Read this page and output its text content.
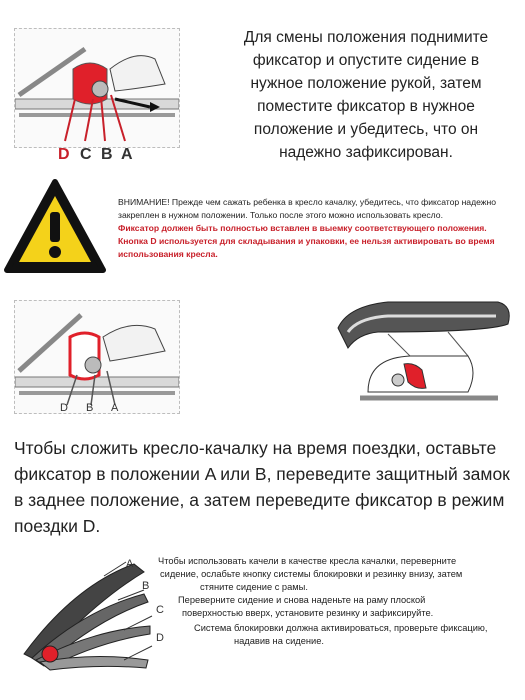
D C B A
Для смены положения поднимите фиксатор и опустите сидение в нужное положение рукой, затем поместите фиксатор в нужное положение и убедитесь, что он надежно зафиксирован.
ВНИМАНИЕ! Прежде чем сажать ребенка в кресло качалку, убедитесь, что фиксатор надежно закреплен в нужном положении. Только после этого можно использовать кресло.
Фиксатор должен быть полностью вставлен в выемку соответствующего положения. Кнопка D используется для складывания и упаковки, ее нельзя активировать во время использования кресла.
D B A
Чтобы сложить кресло-качалку на время поездки, оставьте фиксатор в положении A или B, переведите защитный замок в заднее положение, а затем переведите фиксатор в режим поездки D.
A
B
C
D
Чтобы использовать качели в качестве кресла качалки, переверните
сидение, ослабьте кнопку системы блокировки и резинку внизу, затем
стяните сидение с рамы.
Переверните сидение и снова наденьте на раму плоской
поверхностью вверх, установите резинку и зафиксируйте.
Система блокировки должна активироваться, проверьте фиксацию,
надавив на сидение.
